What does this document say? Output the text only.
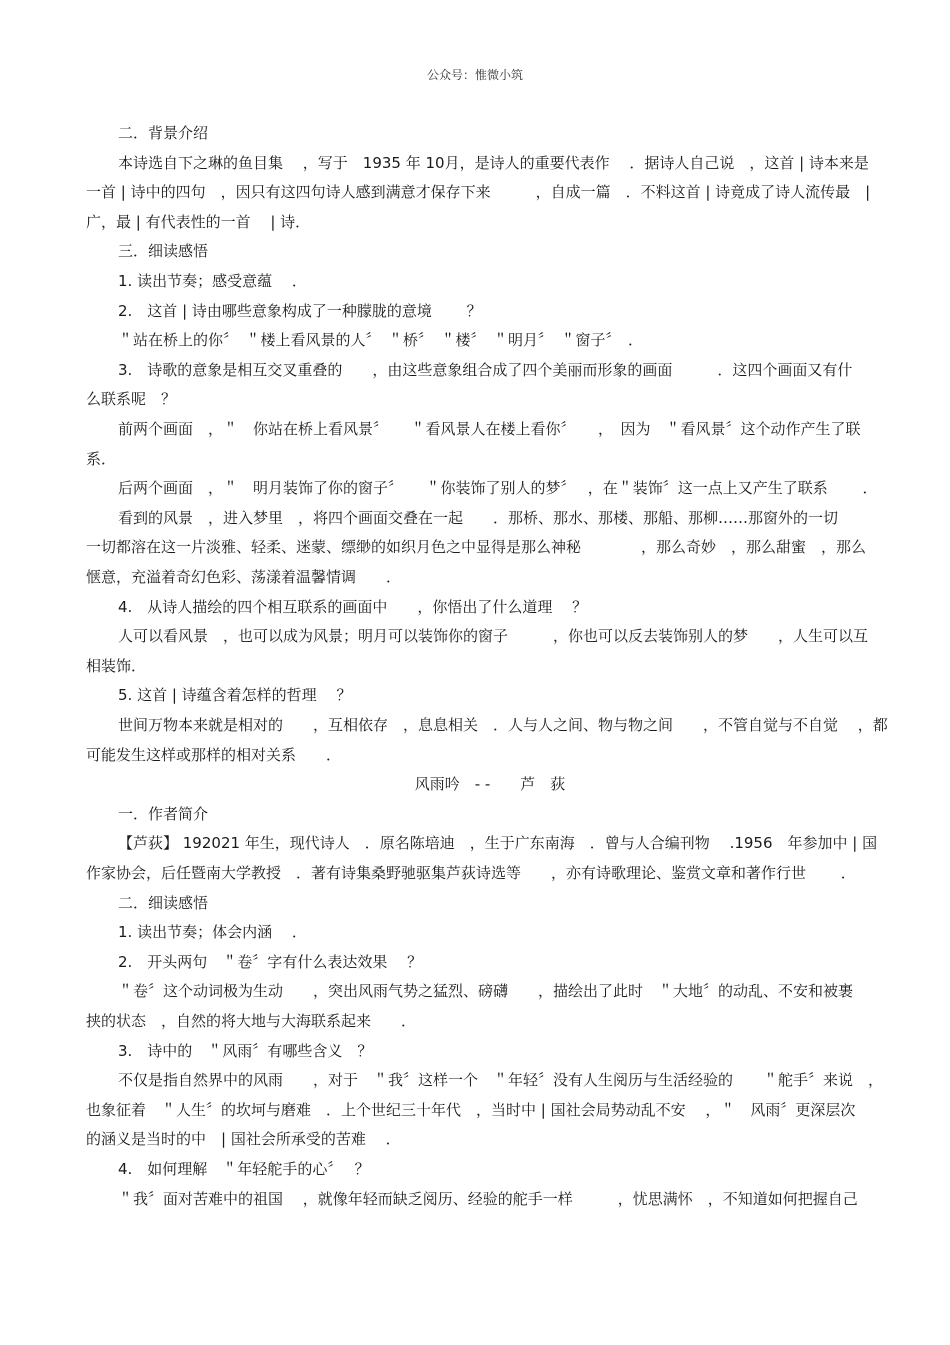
公众号：惟微小筑
二．背景介绍
本诗选自下之琳的鱼目集　 ，写于　1935 年 10月，是诗人的重要代表作　 ．据诗人自己说　，这首 | 诗本来是
一首 | 诗中的四句　，因只有这四句诗人感到满意才保存下来　　　，自成一篇　．不料这首 | 诗竟成了诗人流传最　|
广，最 | 有代表性的一首　 | 诗．
三．细读感悟
1. 读出节奏；感受意蕴　 ．
2.　这首 | 诗由哪些意象构成了一种朦胧的意境　　 ？
＂站在桥上的你〞　＂楼上看风景的人〞　＂桥〞　＂楼〞　＂明月〞　＂窗子〞　．
3.　诗歌的意象是相互交叉重叠的　　，由这些意象组合成了四个美丽而形象的画面　　　．这四个画面又有什
么联系呢　？
前两个画面　，＂　你站在桥上看风景〞　　＂看风景人在楼上看你〞　　，　因为　＂看风景〞这个动作产生了联
系．
后两个画面　，＂　明月装饰了你的窗子〞　　＂你装饰了别人的梦〞　 ，在＂装饰〞这一点上又产生了联系　　 ．
看到的风景　，进入梦里　，将四个画面交叠在一起　　．那桥、那水、那楼、那船、那柳……那窗外的一切
一切都溶在这一片淡雅、轻柔、迷蒙、缥缈的如织月色之中显得是那么神秘　　　　，那么奇妙　，那么甜蜜　，那么
惬意，充溢着奇幻色彩、荡漾着温馨情调　　．
4.　从诗人描绘的四个相互联系的画面中　　，你悟出了什么道理　 ？
人可以看风景　，也可以成为风景；明月可以装饰你的窗子　　　，你也可以反去装饰别人的梦　　，人生可以互
相装饰．
5. 这首 | 诗蕴含着怎样的哲理　 ？
世间万物本来就是相对的　　，互相依存　，息息相关　．人与人之间、物与物之间　　，不管自觉与不自觉　 ，都
可能发生这样或那样的相对关系　　．
风雨吟　- -　　芦　荻
一．作者简介
【芦荻】 192021 年生，现代诗人　．原名陈培迪　，生于广东南海　．曾与人合编刊物　 .1956　年参加中 | 国
作家协会，后任暨南大学教授　．著有诗集桑野驰驱集芦荻诗选等　　，亦有诗歌理论、鉴赏文章和著作行世　　 ．
二．细读感悟
1. 读出节奏；体会内涵　 ．
2.　开头两句　＂卷〞字有什么表达效果　 ？
＂卷〞这个动词极为生动　　，突出风雨气势之猛烈、磅礴　　，描绘出了此时　＂大地〞的动乱、不安和被裹
挟的状态　，自然的将大地与大海联系起来　　．
3.　诗中的　＂风雨〞有哪些含义　？
不仅是指自然界中的风雨　　，对于　＂我〞这样一个　＂年轻〞没有人生阅历与生活经验的　　＂舵手〞来说　，
也象征着　＂人生〞的坎坷与磨难　．上个世纪三十年代　，当时中 | 国社会局势动乱不安　 ，＂　风雨〞更深层次
的涵义是当时的中　| 国社会所承受的苦难　 ．
4.　如何理解　＂年轻舵手的心〞　 ？
＂我〞面对苦难中的祖国　 ，就像年轻而缺乏阅历、经验的舵手一样　　　，忧思满怀　，不知道如何把握自己
